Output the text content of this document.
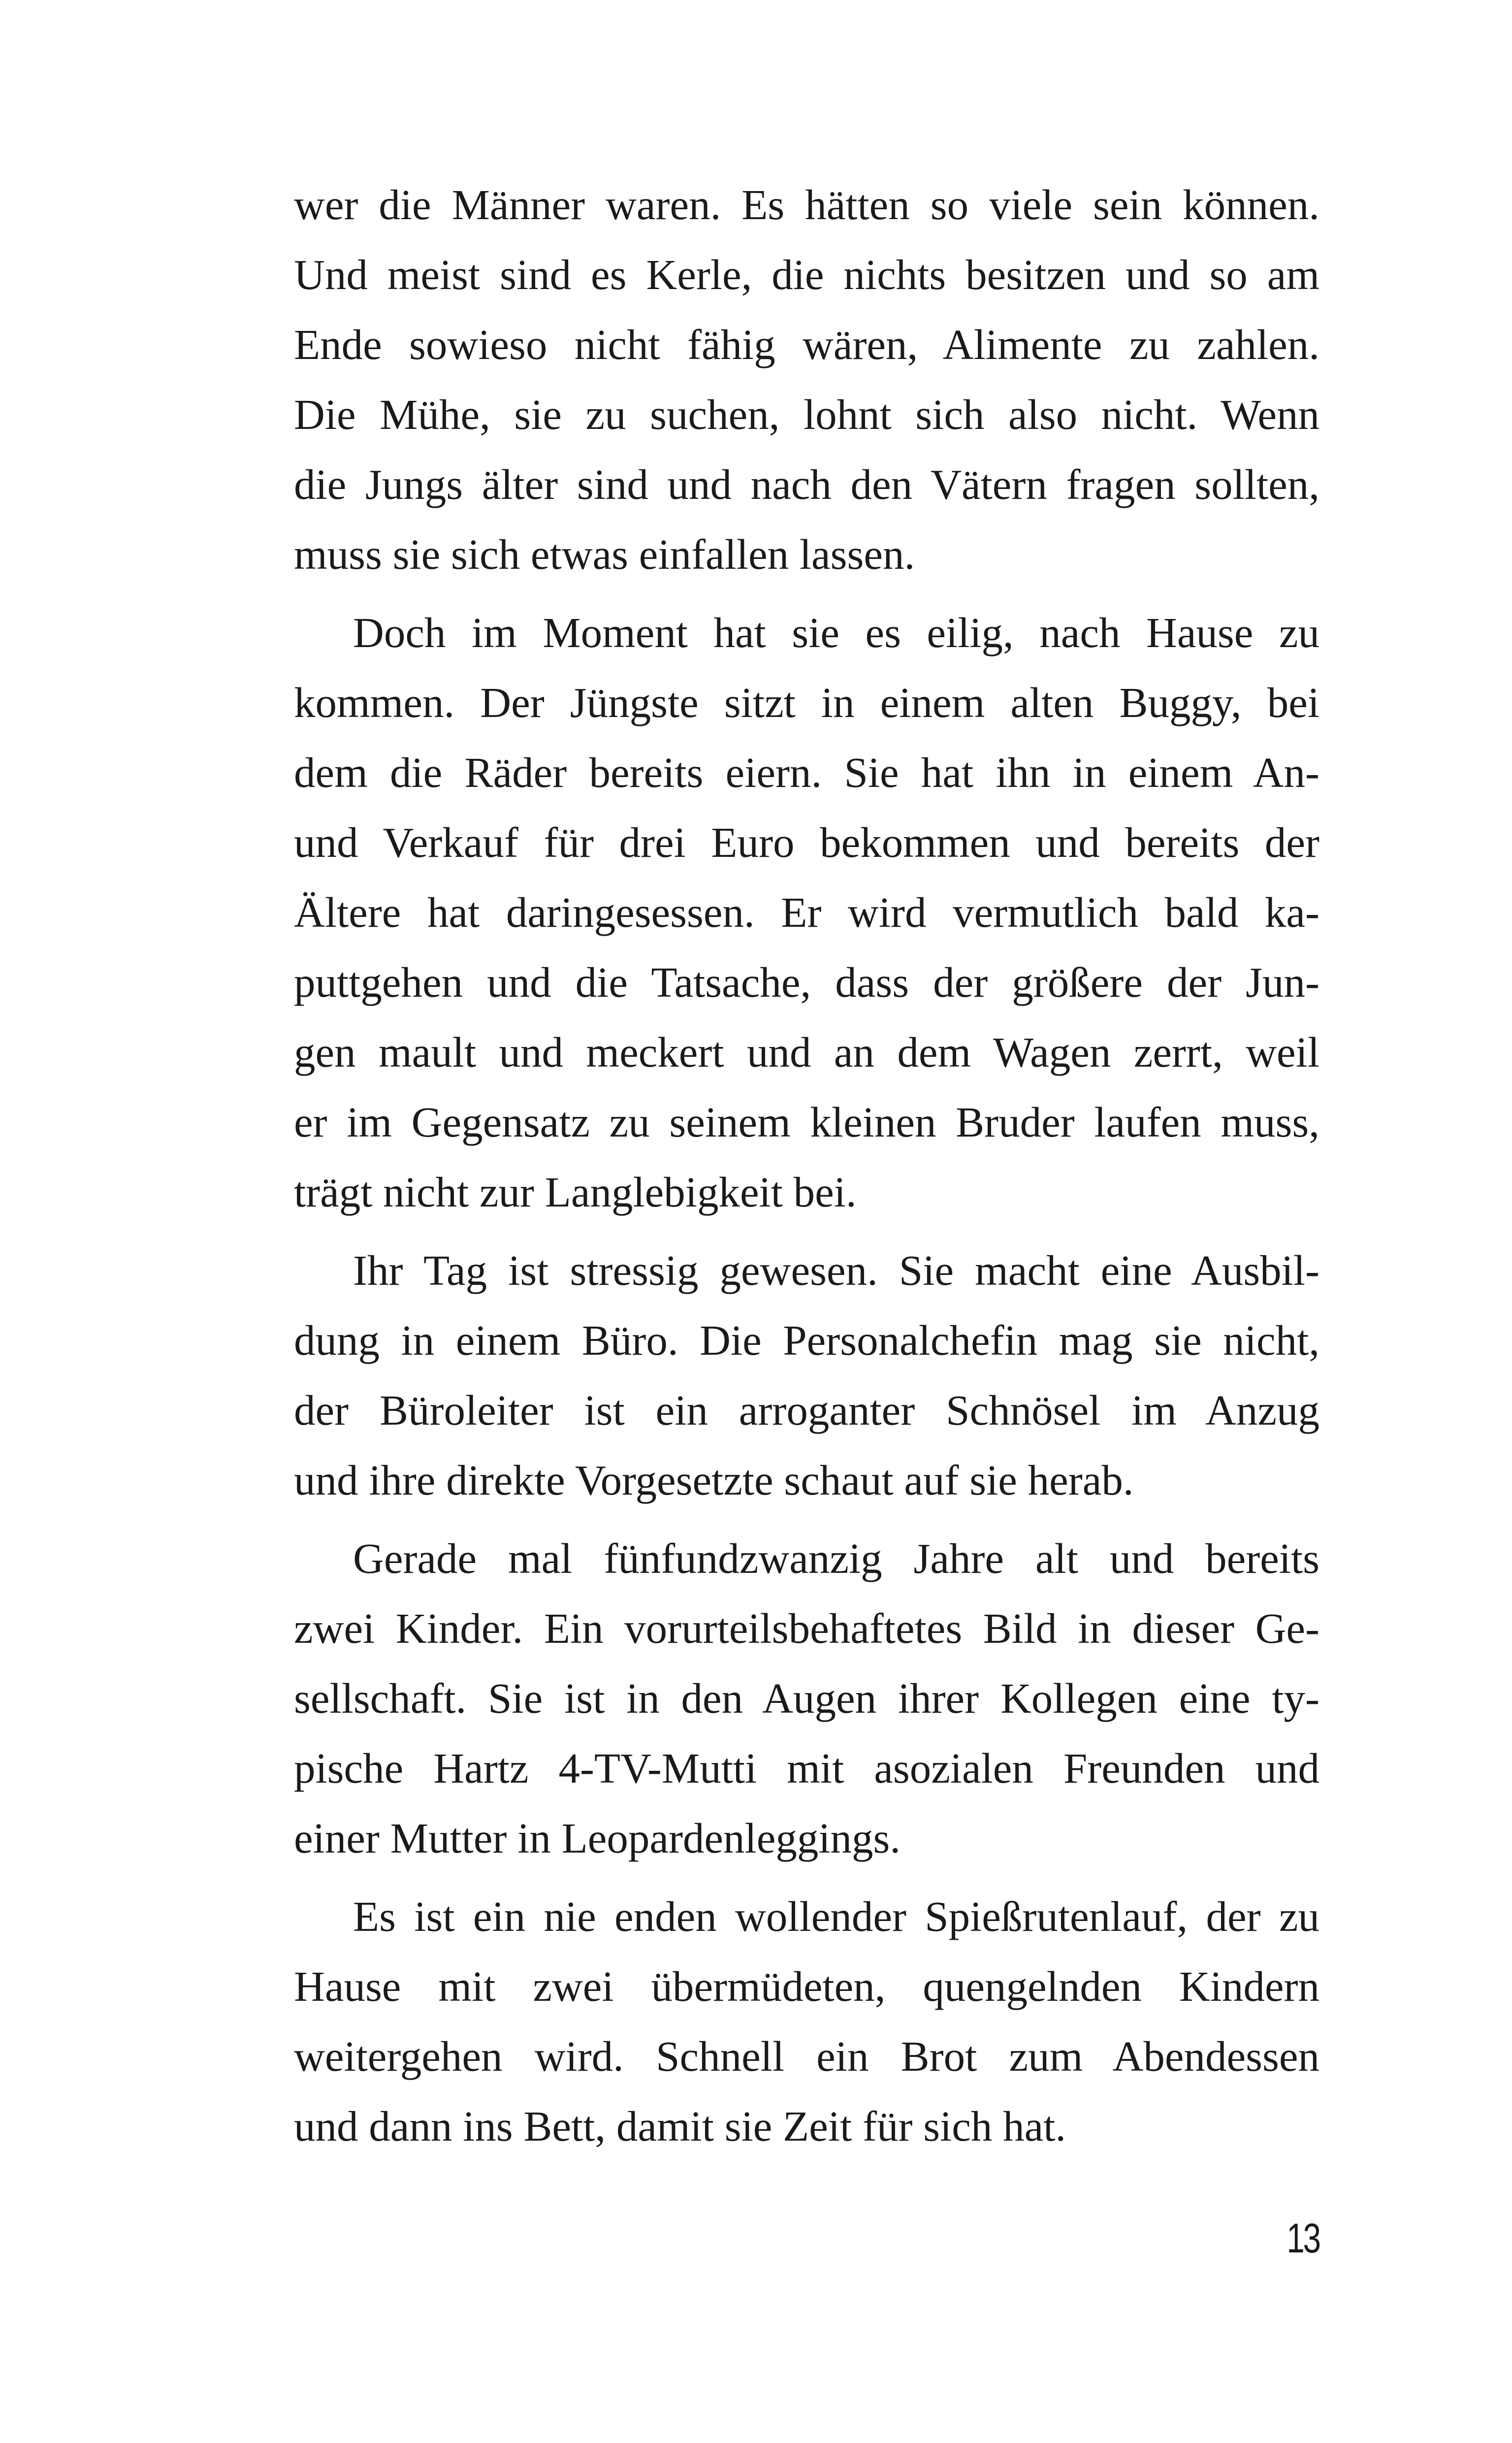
wer die Männer waren. Es hätten so viele sein können.
Und meist sind es Kerle, die nichts besitzen und so am
Ende sowieso nicht fähig wären, Alimente zu zahlen.
Die Mühe, sie zu suchen, lohnt sich also nicht. Wenn
die Jungs älter sind und nach den Vätern fragen sollten,
muss sie sich etwas einfallen lassen.
Doch im Moment hat sie es eilig, nach Hause zu
kommen. Der Jüngste sitzt in einem alten Buggy, bei
dem die Räder bereits eiern. Sie hat ihn in einem An-
und Verkauf für drei Euro bekommen und bereits der
Ältere hat daringesessen. Er wird vermutlich bald ka-
puttgehen und die Tatsache, dass der größere der Jun-
gen mault und meckert und an dem Wagen zerrt, weil
er im Gegensatz zu seinem kleinen Bruder laufen muss,
trägt nicht zur Langlebigkeit bei.
Ihr Tag ist stressig gewesen. Sie macht eine Ausbil-
dung in einem Büro. Die Personalchefin mag sie nicht,
der Büroleiter ist ein arroganter Schnösel im Anzug
und ihre direkte Vorgesetzte schaut auf sie herab.
Gerade mal fünfundzwanzig Jahre alt und bereits
zwei Kinder. Ein vorurteilsbehaftetes Bild in dieser Ge-
sellschaft. Sie ist in den Augen ihrer Kollegen eine ty-
pische Hartz 4-TV-Mutti mit asozialen Freunden und
einer Mutter in Leopardenleggings.
Es ist ein nie enden wollender Spießrutenlauf, der zu
Hause mit zwei übermüdeten, quengelnden Kindern
weitergehen wird. Schnell ein Brot zum Abendessen
und dann ins Bett, damit sie Zeit für sich hat.
13
